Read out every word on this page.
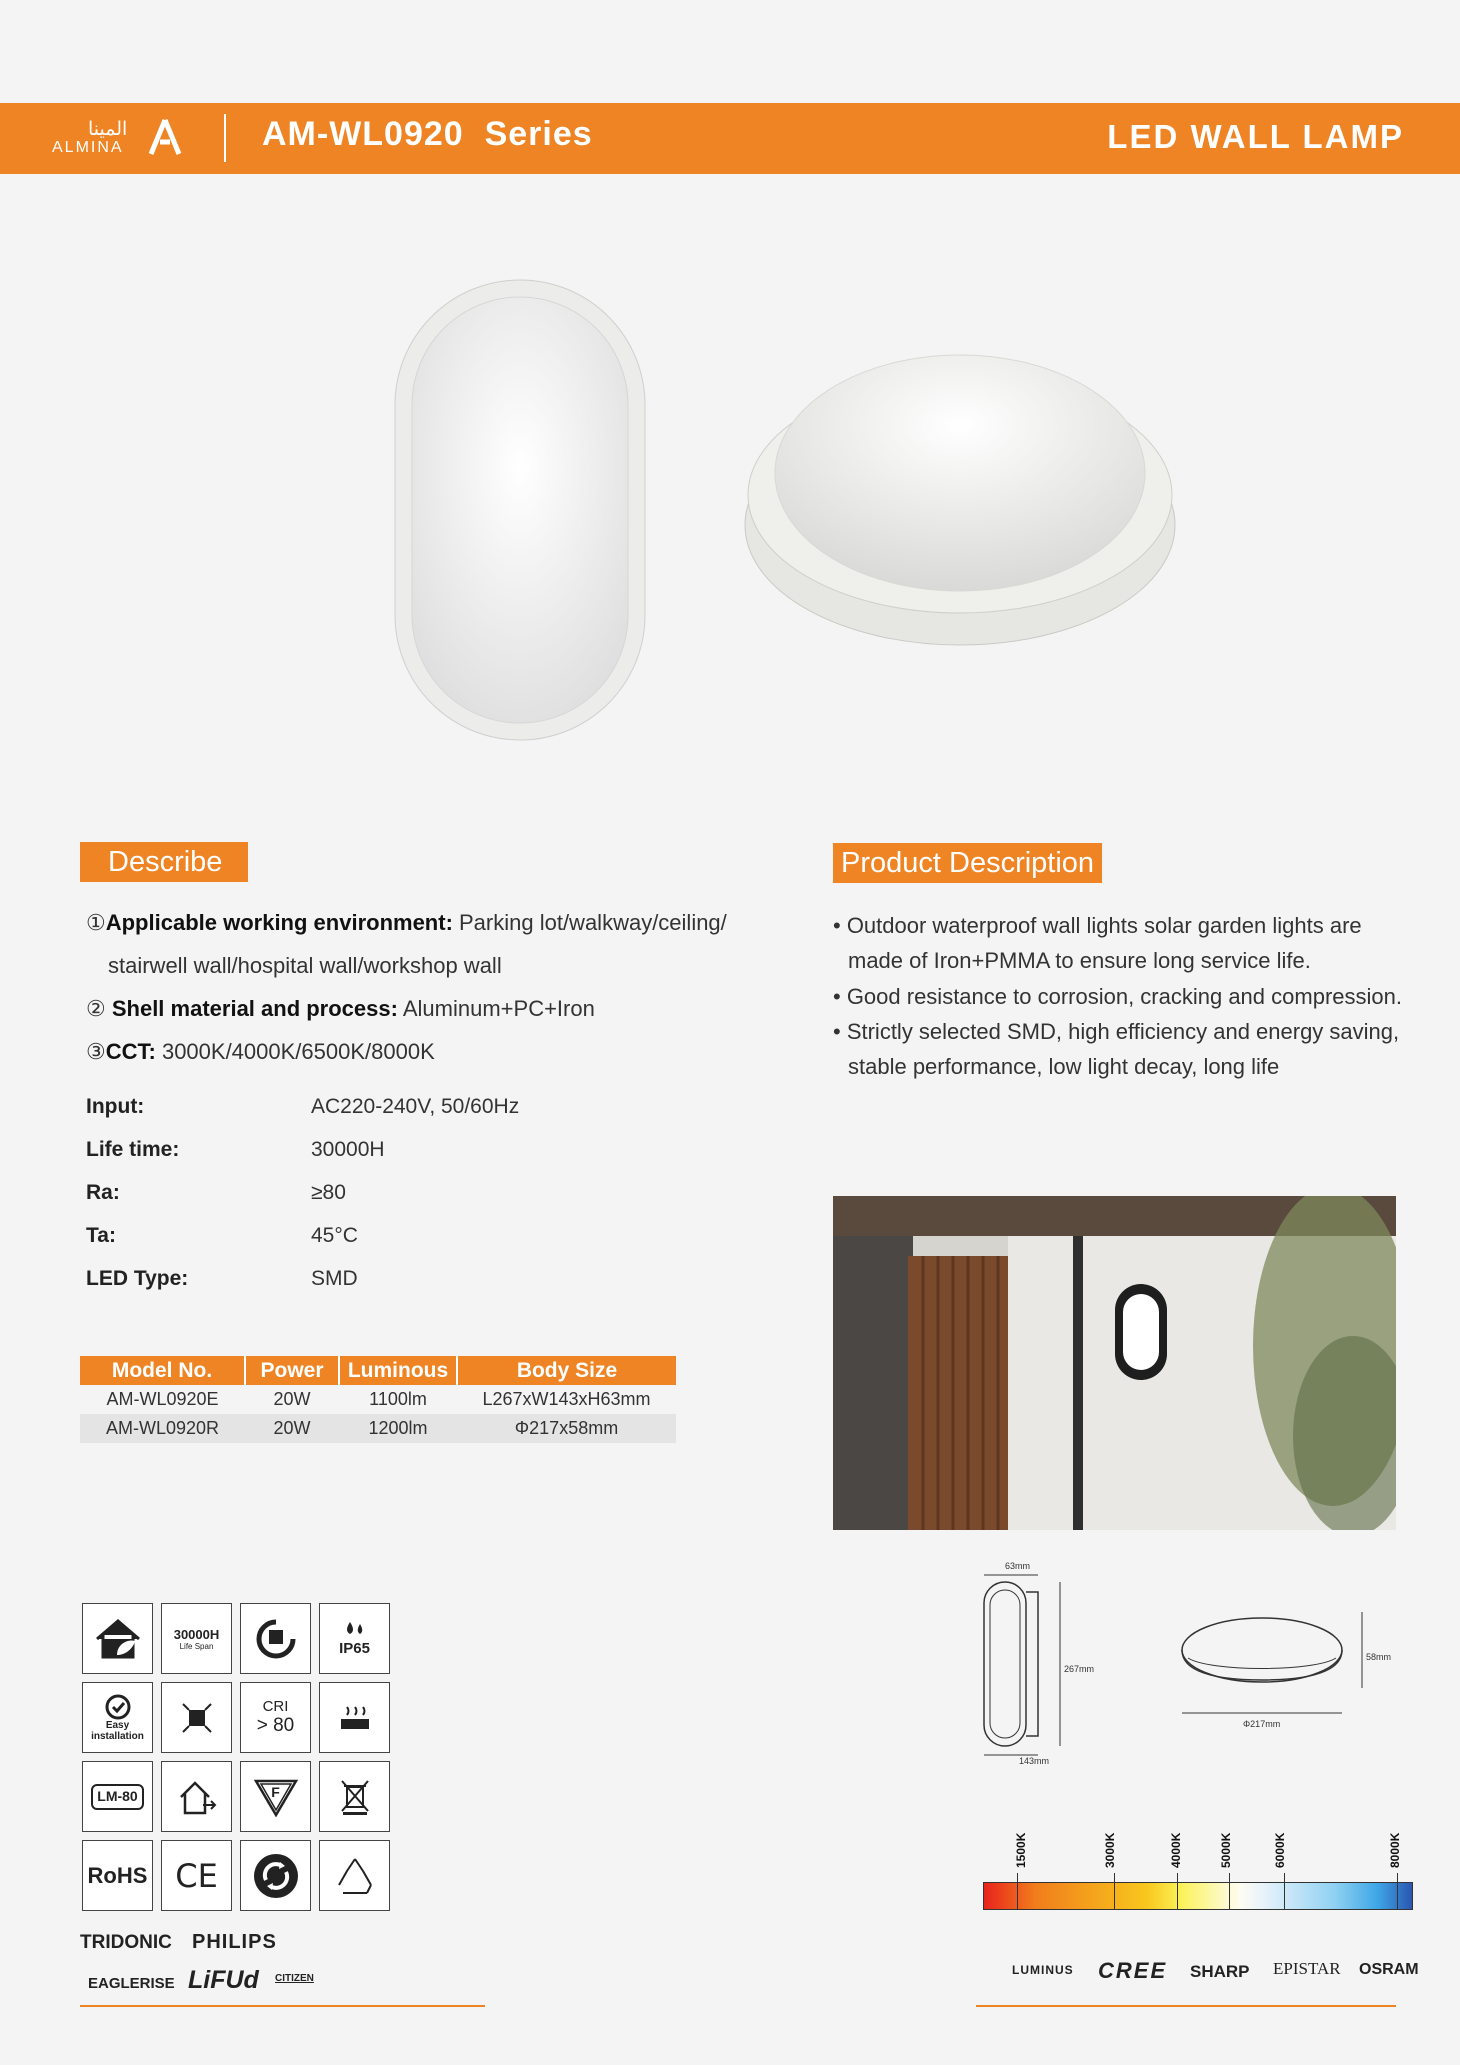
المينا
ALMINA	AM-WL0920  Series	LED WALL LAMP
Describe
①Applicable working environment: Parking lot/walkway/ceiling/
stairwell wall/hospital wall/workshop wall
② Shell material and process: Aluminum+PC+Iron
③CCT: 3000K/4000K/6500K/8000K
Input:	AC220-240V, 50/60Hz
Life time:	30000H
Ra:	≥80
Ta:	45°C
LED Type:	SMD
Product Description
• Outdoor waterproof wall lights solar garden lights are
made of Iron+PMMA to ensure long service life.
• Good resistance to corrosion, cracking and compression.
• Strictly selected SMD, high efficiency and energy saving,
stable performance, low light decay, long life
Model No.	Power	Luminous	Body Size
AM-WL0920E	20W	1100lm	L267xW143xH63mm
AM-WL0920R	20W	1200lm	Φ217x58mm
30000H
Life Span	IP65
Easy installation
CRI
> 80
LM-80	F
RoHS CE
TRIDONIC PHILIPS
EAGLERISE LiFUd CITIZEN
63mm
267mm
143mm
58mm
Φ217mm
1500K	3000K	4000K	5000K	6000K	8000K
LUMINUS CREE SHARP EPISTAR OSRAM
